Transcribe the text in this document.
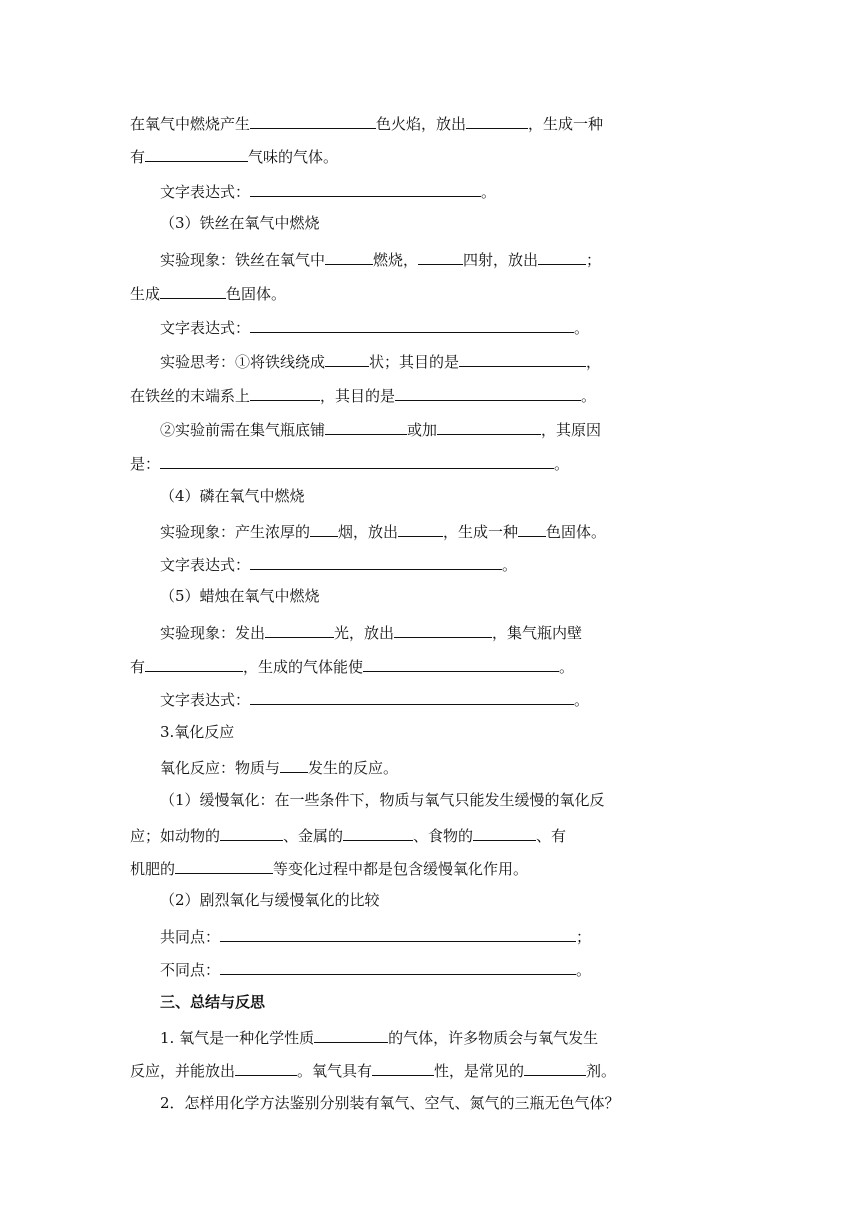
在氧气中燃烧产生	色火焰，放出	，生成一种
有	气味的气体。
文字表达式：	。
（3）铁丝在氧气中燃烧
实验现象：铁丝在氧气中	燃烧，	四射，放出	；
生成	色固体。
文字表达式：	。
实验思考：①将铁线绕成	状；其目的是	，
在铁丝的末端系上	，其目的是	。
②实验前需在集气瓶底铺	或加	，其原因
是：	。
（4）磷在氧气中燃烧
实验现象：产生浓厚的 烟，放出	，生成一种 色固体。
文字表达式：	。
（5）蜡烛在氧气中燃烧
实验现象：发出	光，放出	，集气瓶内壁
有	，生成的气体能使	。
文字表达式：	。
3.氧化反应
氧化反应：物质与 发生的反应。
（1）缓慢氧化：在一些条件下，物质与氧气只能发生缓慢的氧化反
应；如动物的	、金属的	、食物的	、有
机肥的	等变化过程中都是包含缓慢氧化作用。
（2）剧烈氧化与缓慢氧化的比较
共同点：	；
不同点：	。
三、总结与反思
1. 氧气是一种化学性质	的气体，许多物质会与氧气发生
反应，并能放出	。氧气具有	性，是常见的	剂。
2．怎样用化学方法鉴别分别装有氧气、空气、氮气的三瓶无色气体？
